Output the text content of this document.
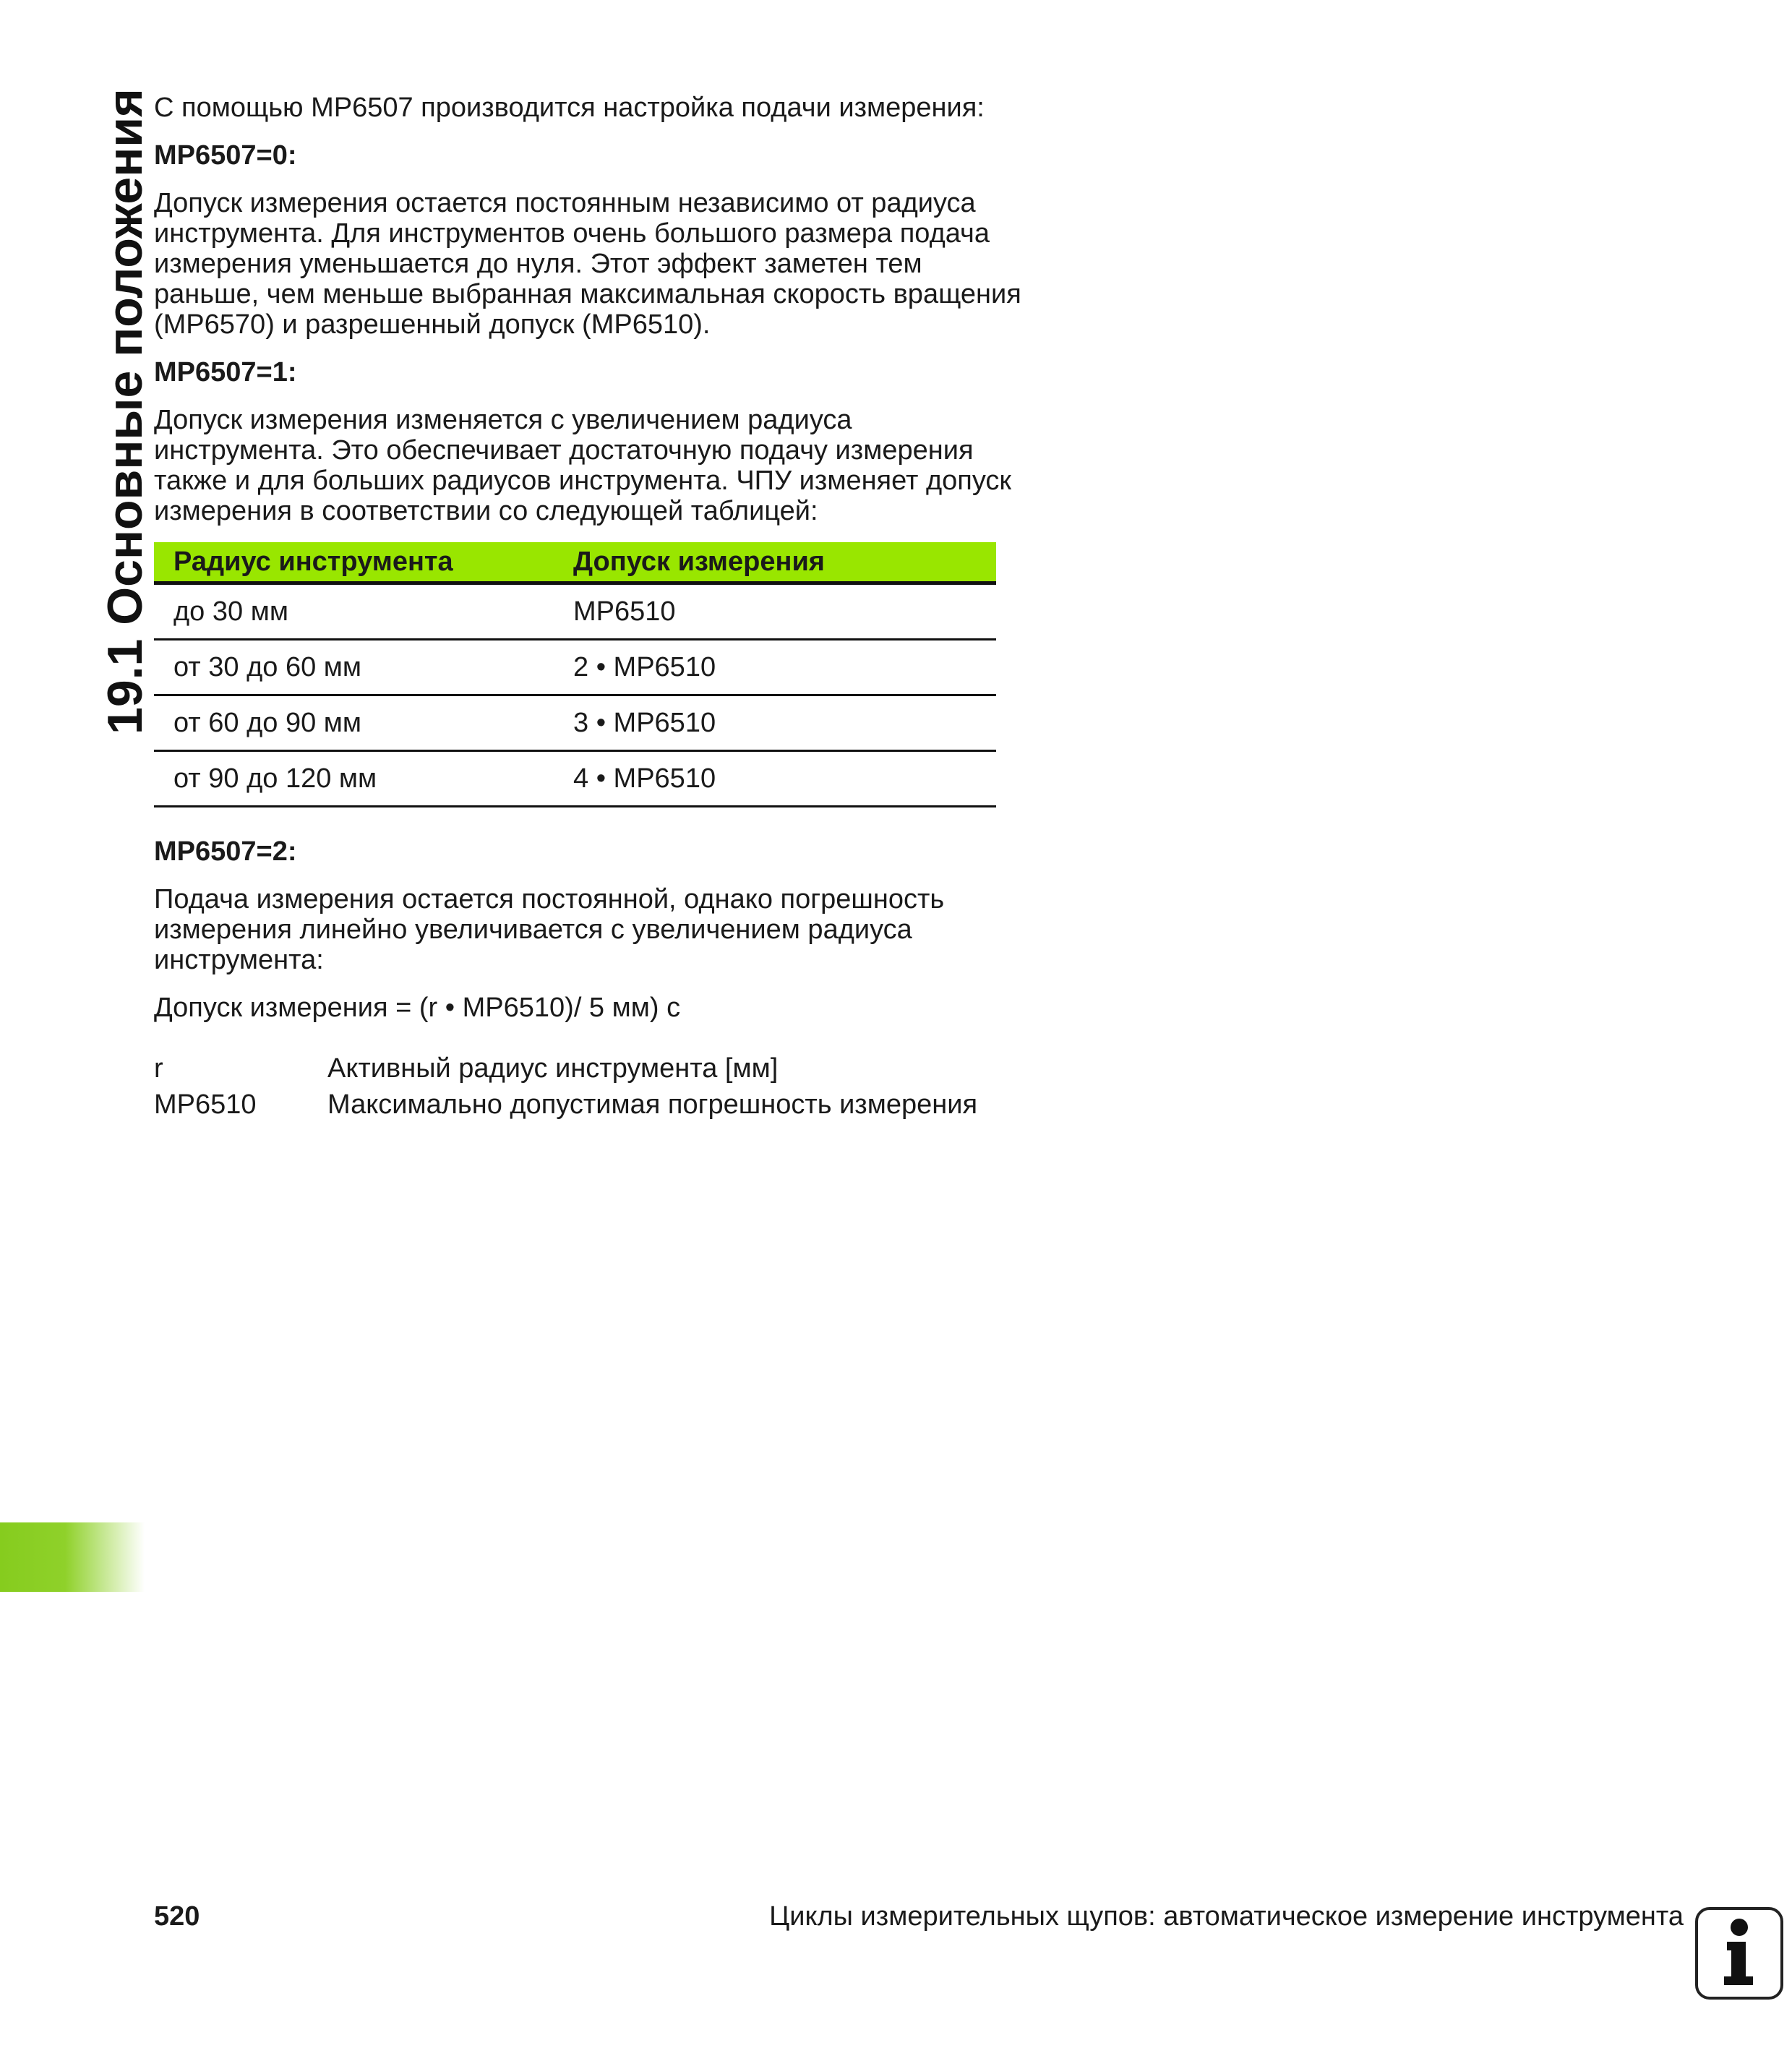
19.1 Основные положения С помощью MP6507 производится настройка подачи измерения:

MP6507=0:

Допуск измерения остается постоянным независимо от радиуса инструмента. Для инструментов очень большого размера подача измерения уменьшается до нуля. Этот эффект заметен тем раньше, чем меньше выбранная максимальная скорость вращения (MP6570) и разрешенный допуск (MP6510).

MP6507=1:

Допуск измерения изменяется с увеличением радиуса инструмента. Это обеспечивает достаточную подачу измерения также и для больших радиусов инструмента. ЧПУ изменяет допуск измерения в соответствии со следующей таблицей:

Радиус инструмента	Допуск измерения
до 30 мм	MP6510
от 30 до 60 мм	2 • MP6510
от 60 до 90 мм	3 • MP6510
от 90 до 120 мм	4 • MP6510

MP6507=2:

Подача измерения остается постоянной, однако погрешность измерения линейно увеличивается с увеличением радиуса инструмента:

Допуск измерения = (r • MP6510)/ 5 мм) с

r	Активный радиус инструмента [мм]
MP6510	Максимально допустимая погрешность измерения
520	Циклы измерительных щупов: автоматическое измерение инструмента
